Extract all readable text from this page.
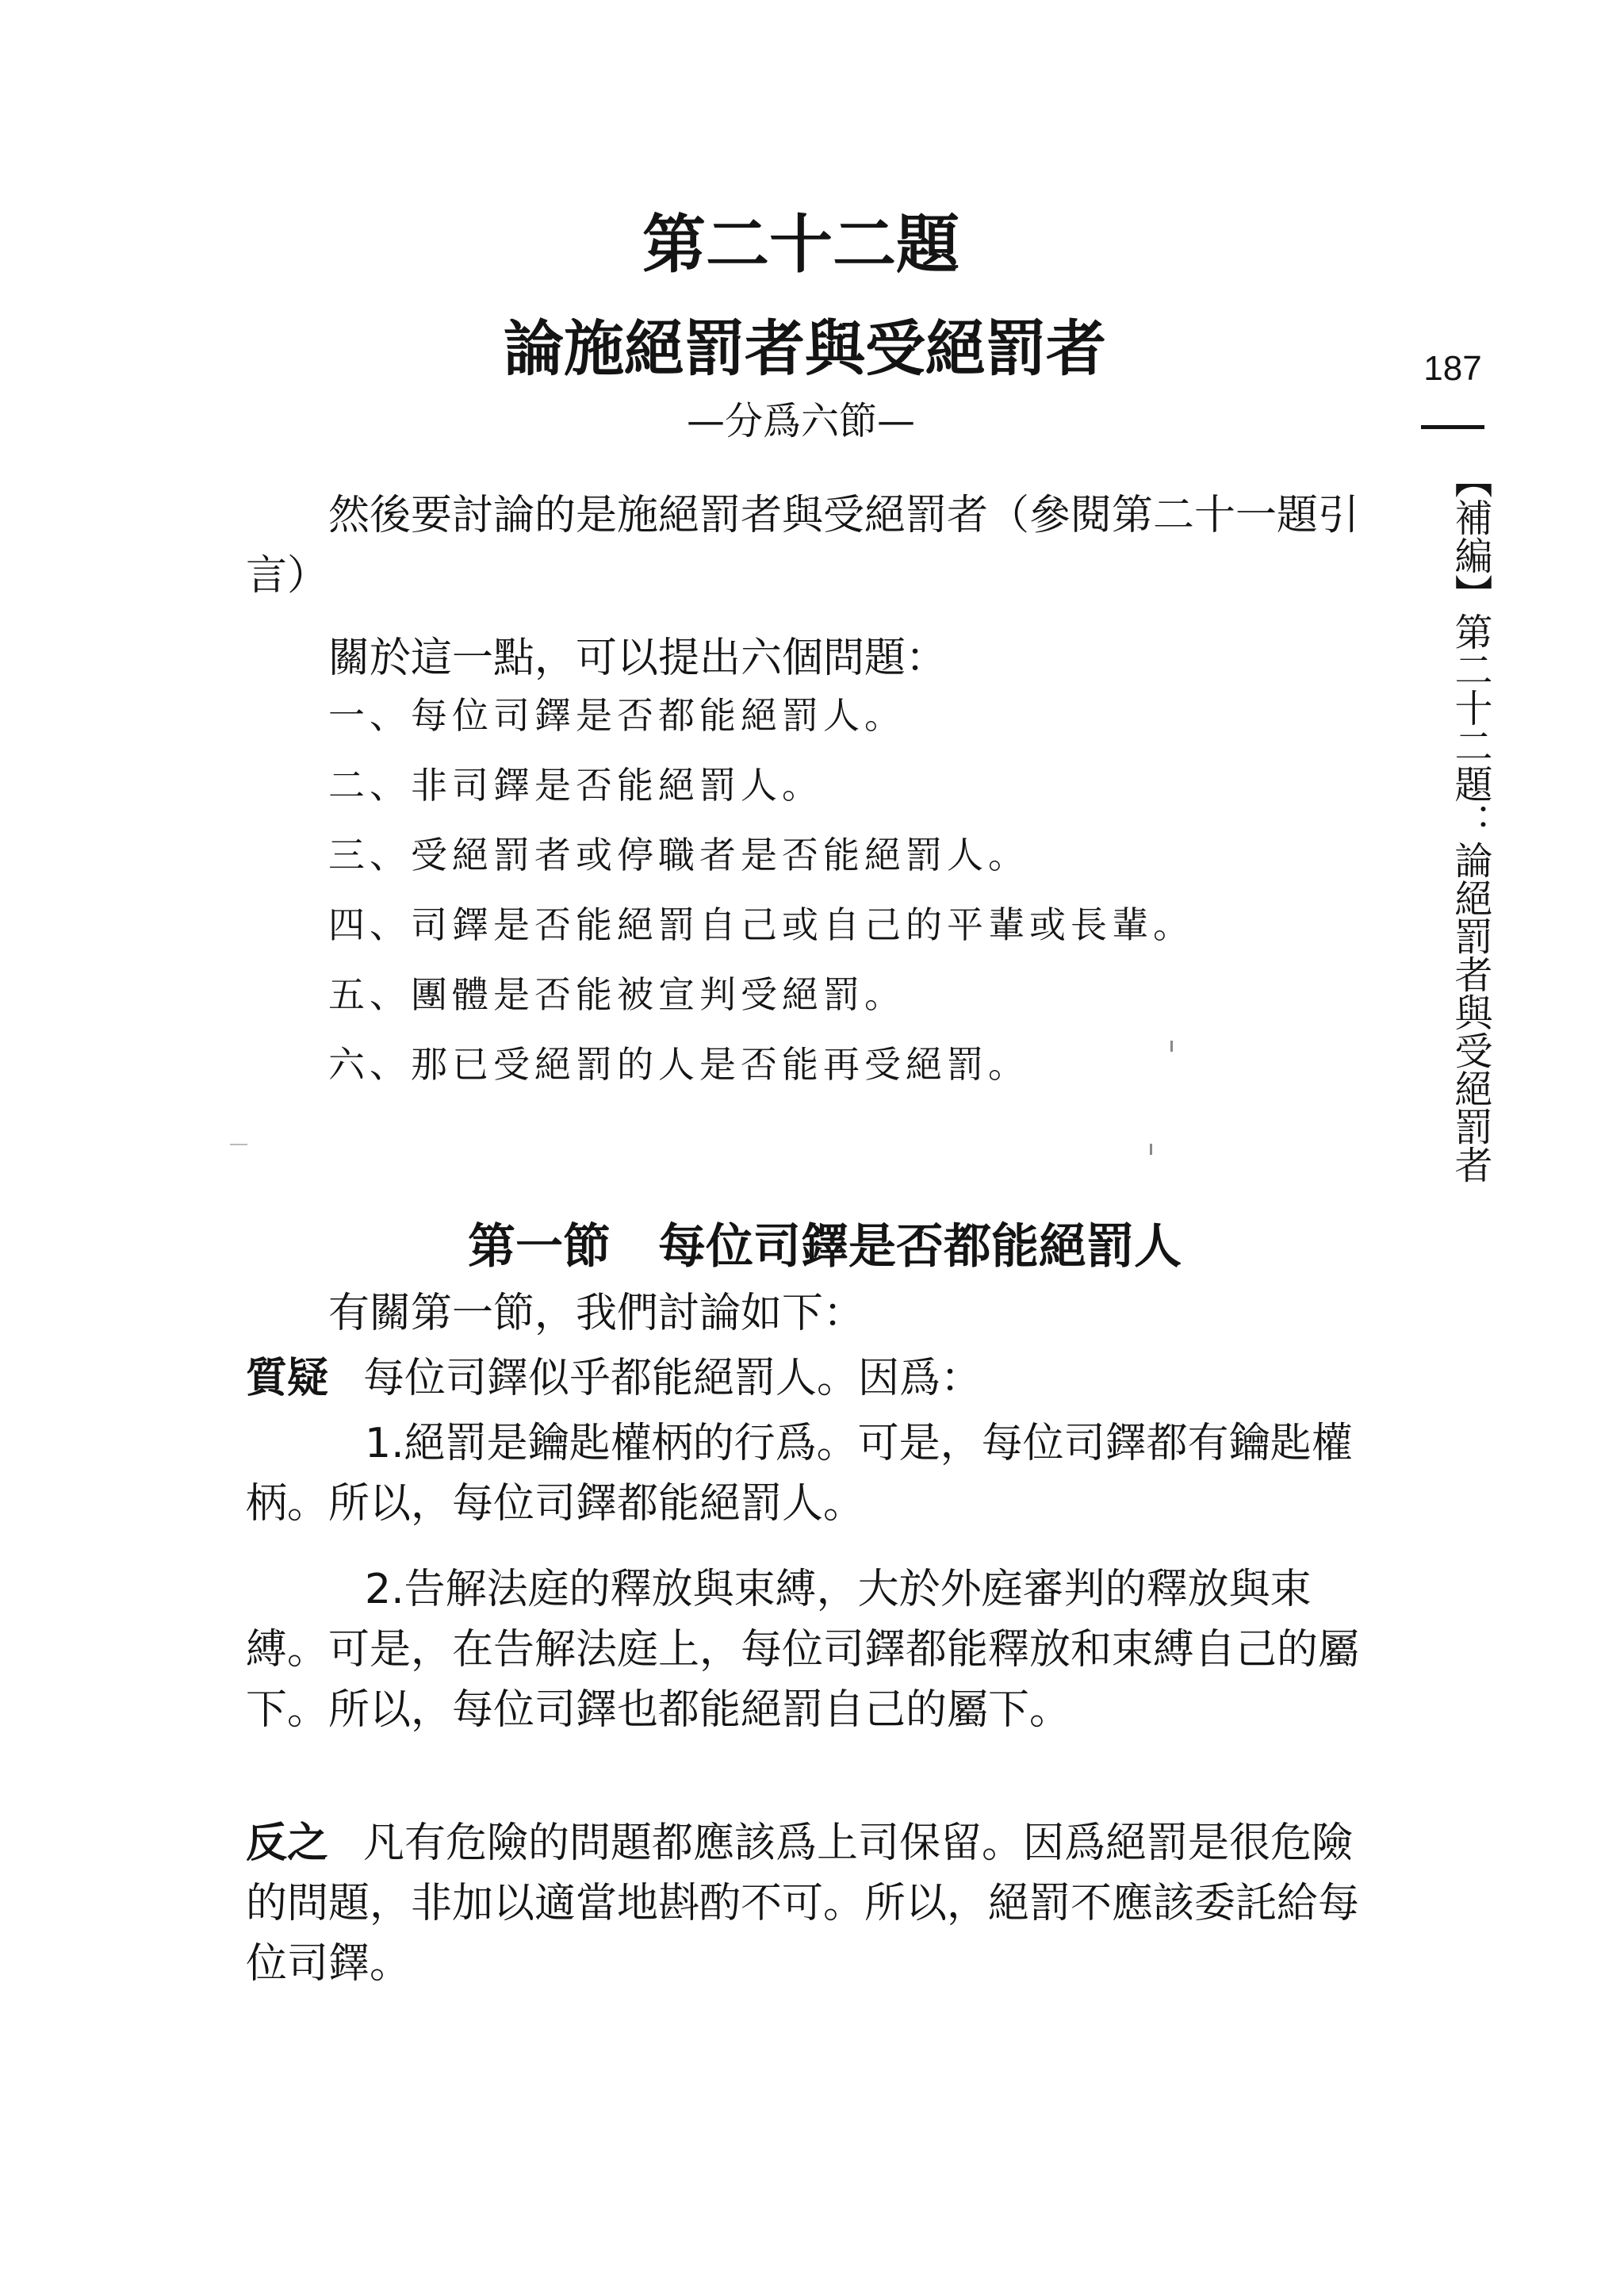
第二十二題
論施絕罰者與受絕罰者

—分爲六節—

然後要討論的是施絕罰者與受絕罰者（參閱第二十一題引言）

關於這一點，可以提出六個問題：

一、每位司鐸是否都能絕罰人。
二、非司鐸是否能絕罰人。
三、受絕罰者或停職者是否能絕罰人。
四、司鐸是否能絕罰自己或自己的平輩或長輩。
五、團體是否能被宣判受絕罰。
六、那已受絕罰的人是否能再受絕罰。
第一節　每位司鐸是否都能絕罰人

有關第一節，我們討論如下：

質疑 每位司鐸似乎都能絕罰人。因爲：

1.絕罰是鑰匙權柄的行爲。可是，每位司鐸都有鑰匙權柄。所以，每位司鐸都能絕罰人。

2.告解法庭的釋放與束縛，大於外庭審判的釋放與束縛。可是，在告解法庭上，每位司鐸都能釋放和束縛自己的屬下。所以，每位司鐸也都能絕罰自己的屬下。

反之 凡有危險的問題都應該爲上司保留。因爲絕罰是很危險的問題，非加以適當地斟酌不可。所以，絕罰不應該委託給每位司鐸。

187

【補編】第二十二題：論絕罰者與受絕罰者
